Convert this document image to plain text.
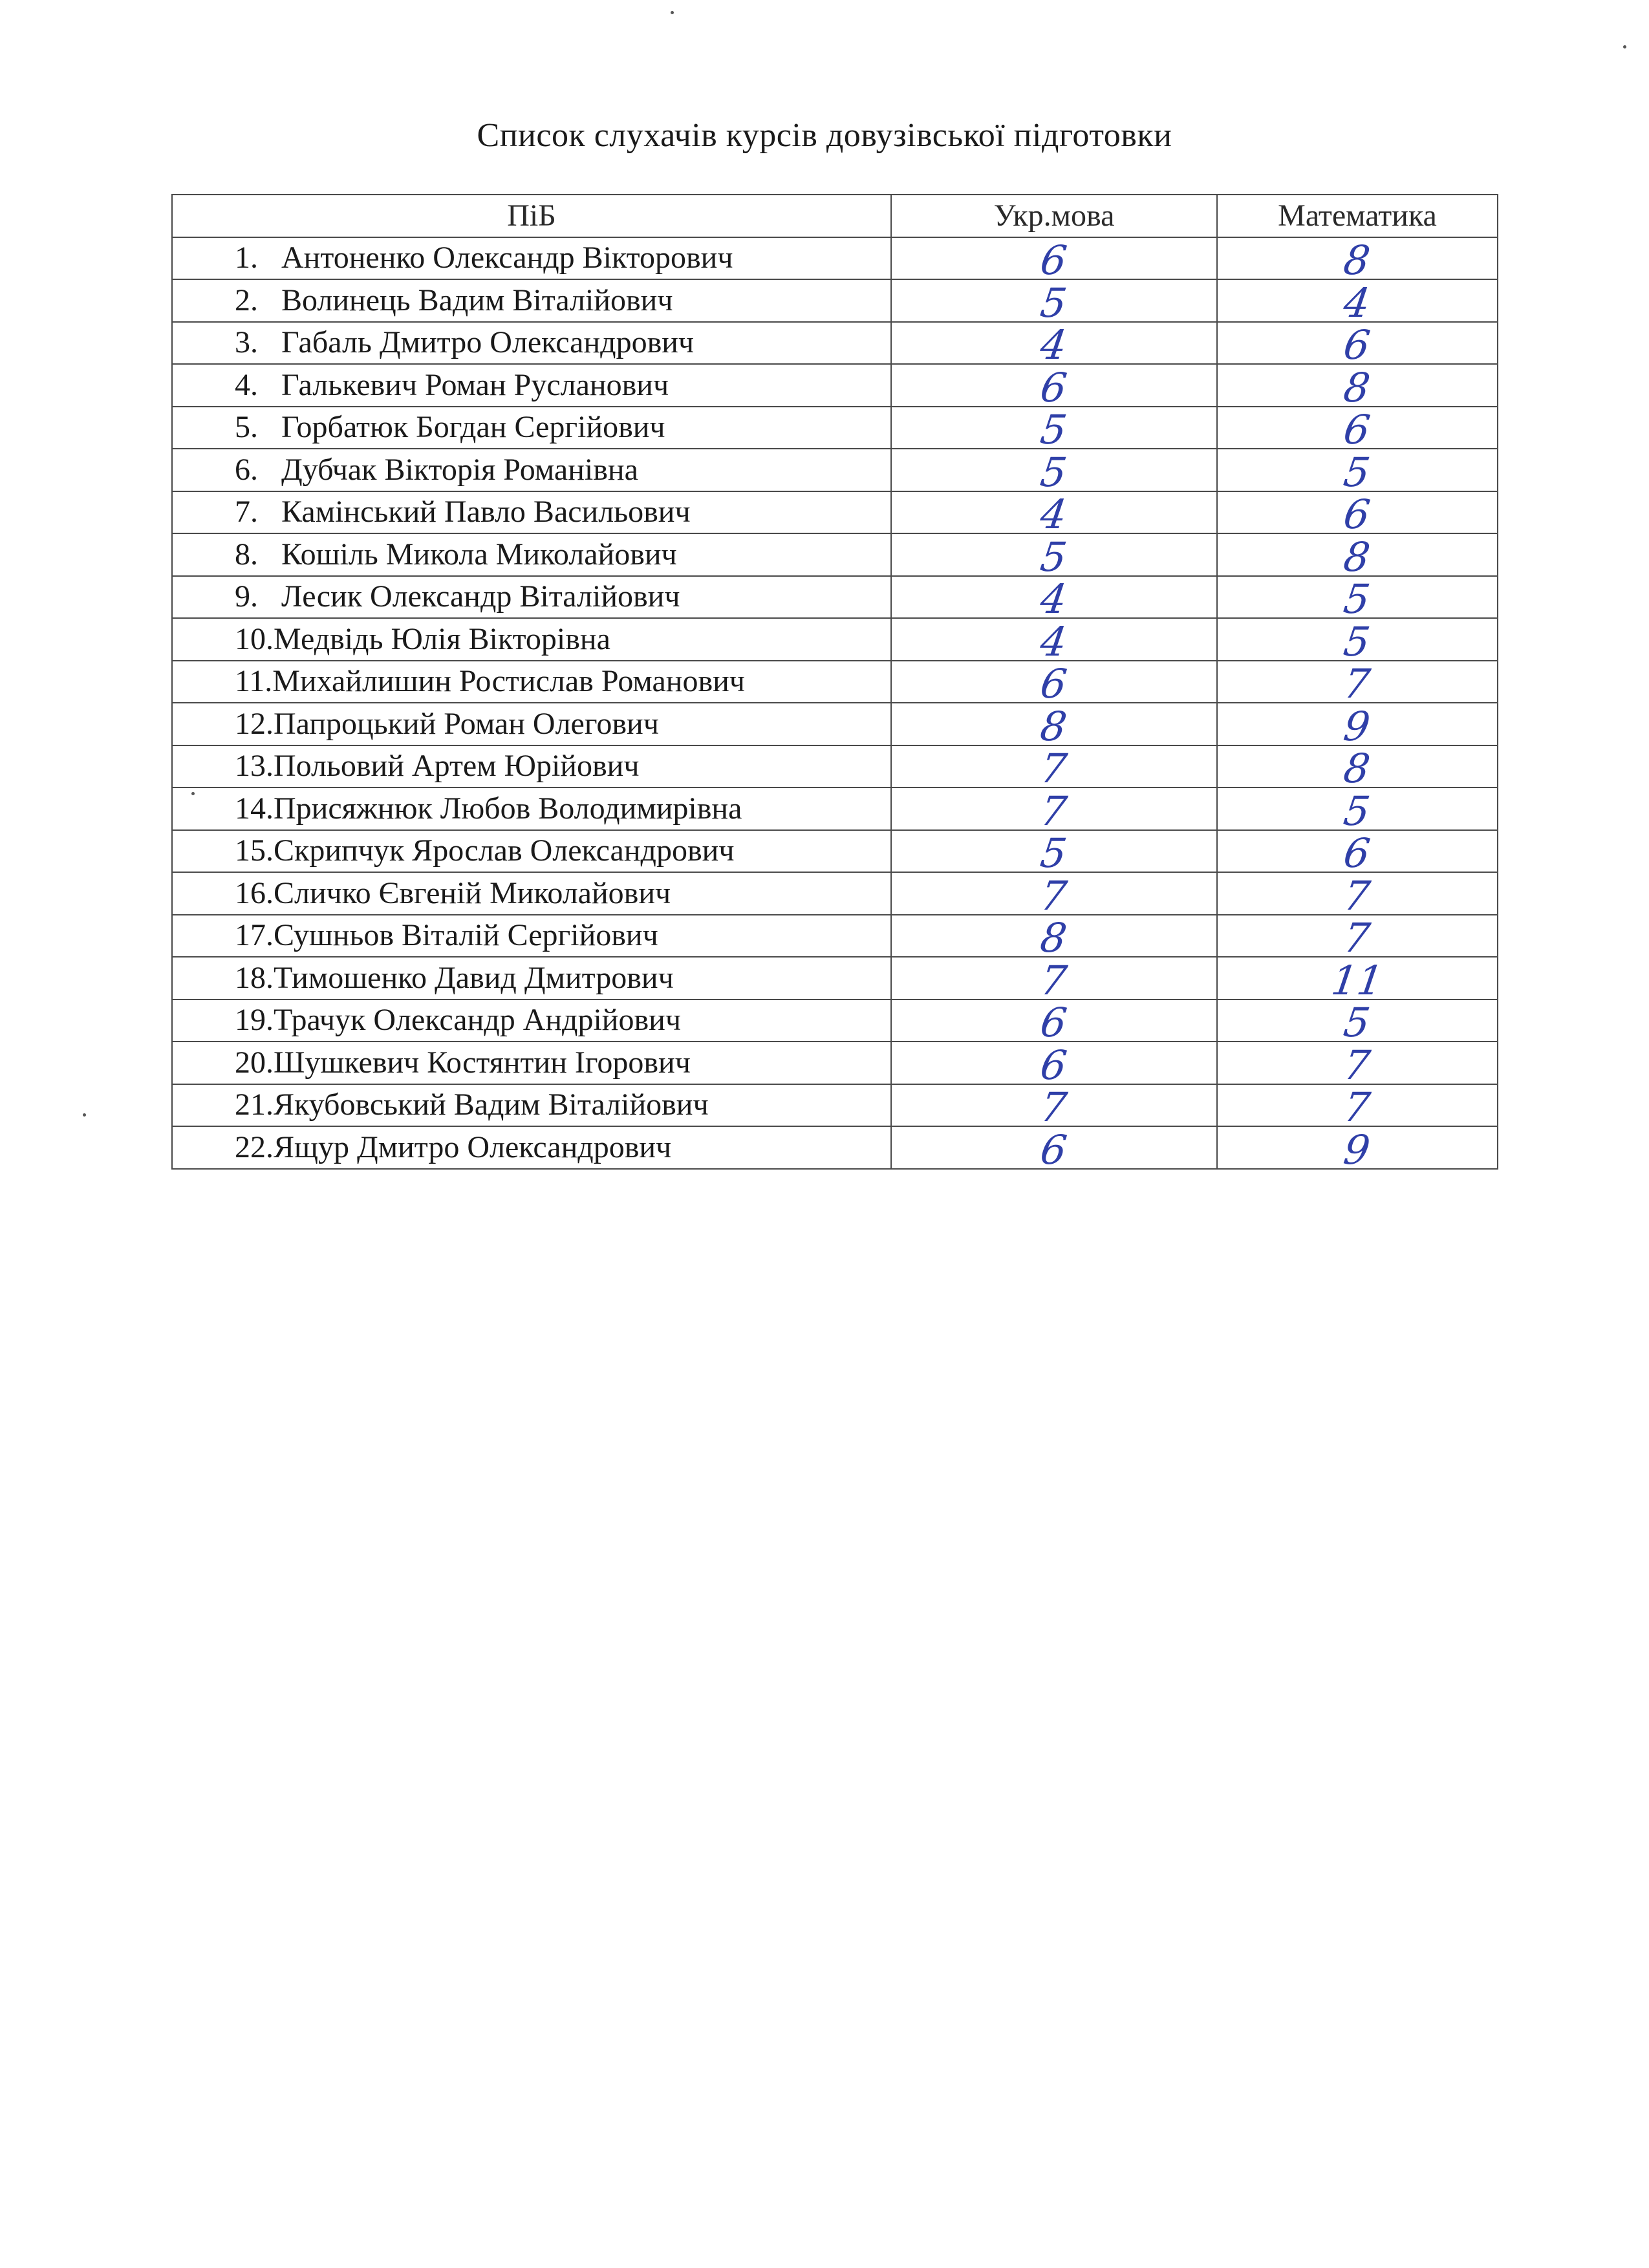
Список слухачів курсів довузівської підготовки
ПіБ	Укр.мова	Математика
1. Антоненко Олександр Вікторович	6	8
2. Волинець Вадим Віталійович	5	4
3. Габаль Дмитро Олександрович	4	6
4. Галькевич Роман Русланович	6	8
5. Горбатюк Богдан Сергійович	5	6
6. Дубчак Вікторія Романівна	5	5
7. Камінський Павло Васильович	4	6
8. Кошіль Микола Миколайович	5	8
9. Лесик Олександр Віталійович	4	5
10.Медвідь Юлія Вікторівна	4	5
11.Михайлишин Ростислав Романович	6	7
12.Папроцький Роман Олегович	8	9
13.Польовий Артем Юрійович	7	8
14.Присяжнюк Любов Володимирівна	7	5
15.Скрипчук Ярослав Олександрович	5	6
16.Сличко Євгеній Миколайович	7	7
17.Сушньов Віталій Сергійович	8	7
18.Тимошенко Давид Дмитрович	7	11
19.Трачук Олександр Андрійович	6	5
20.Шушкевич Костянтин Ігорович	6	7
21.Якубовський Вадим Віталійович	7	7
22.Ящур Дмитро Олександрович	6	9
